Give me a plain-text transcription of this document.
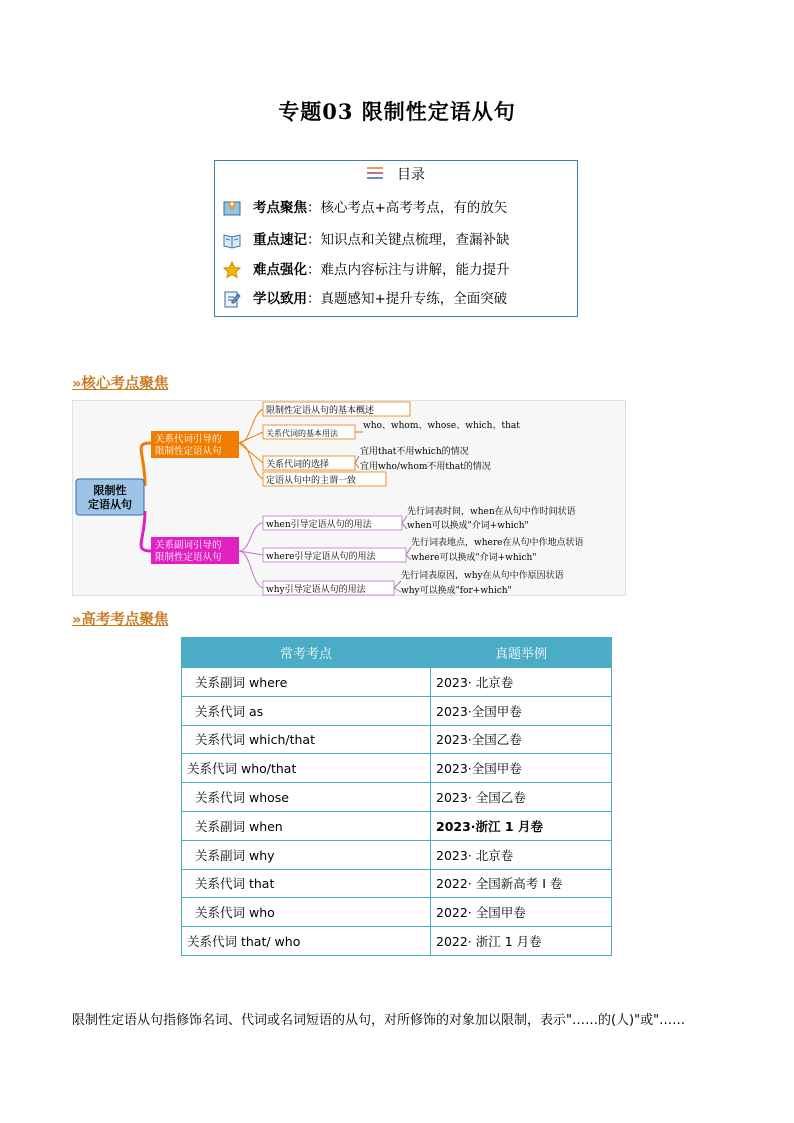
专题03 限制性定语从句
目录
考点聚焦：核心考点+高考考点，有的放矢
重点速记：知识点和关键点梳理，查漏补缺
难点强化：难点内容标注与讲解，能力提升
学以致用：真题感知+提升专练，全面突破
»核心考点聚焦
限制性
定语从句
关系代词引导的
限制性定语从句
关系副词引导的
限制性定语从句
限制性定语从句的基本概述
关系代词的基本用法
who、whom、whose、which、that
关系代词的选择
宜用that不用which的情况
宜用who/whom不用that的情况
定语从句中的主谓一致
when引导定语从句的用法
先行词表时间，when在从句中作时间状语
when可以换成"介词+which"
where引导定语从句的用法
先行词表地点，where在从句中作地点状语
where可以换成"介词+which"
why引导定语从句的用法
先行词表原因，why在从句中作原因状语
why可以换成"for+which"
»高考考点聚焦
常考考点	真题举例
关系副词 where	2023· 北京卷
关系代词 as	2023·全国甲卷
关系代词 which/that	2023·全国乙卷
关系代词 who/that	2023·全国甲卷
关系代词 whose	2023· 全国乙卷
关系副词 when	2023·浙江 1 月卷
关系副词 why	2023· 北京卷
关系代词 that	2022· 全国新高考 I 卷
关系代词 who	2022· 全国甲卷
关系代词 that/ who	2022· 浙江 1 月卷
限制性定语从句指修饰名词、代词或名词短语的从句，对所修饰的对象加以限制，表示"……的(人)"或"……
